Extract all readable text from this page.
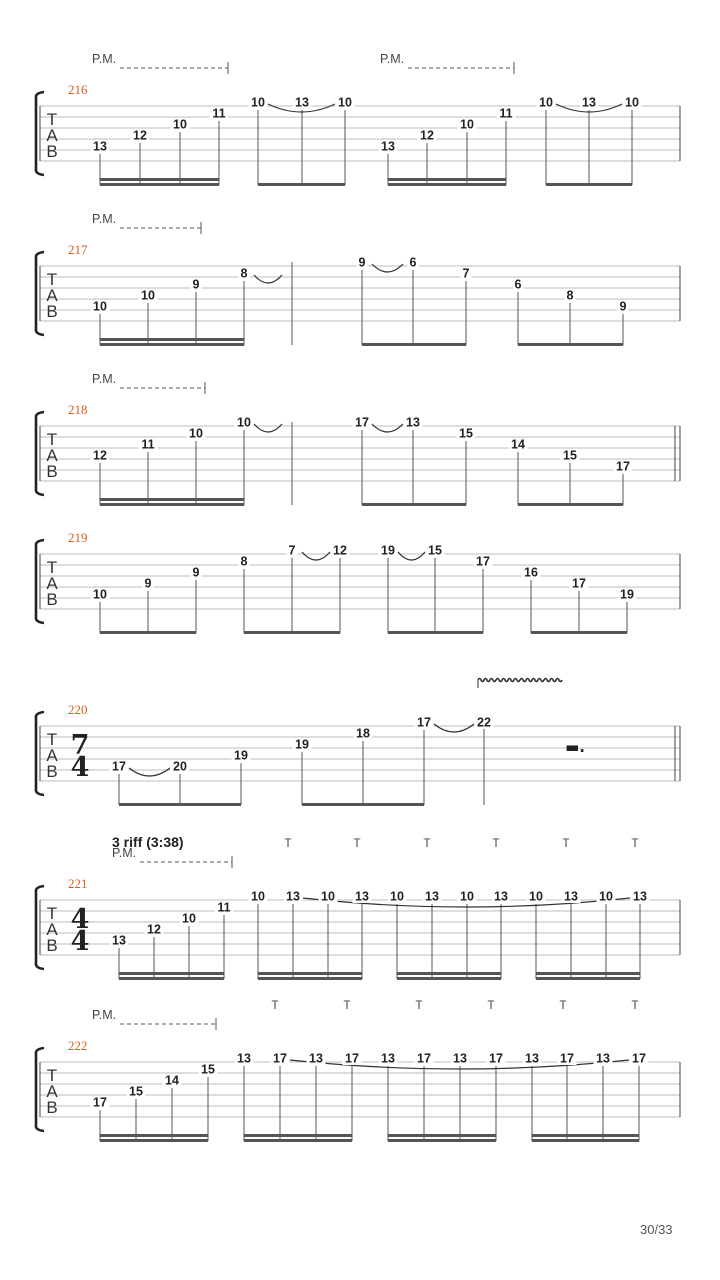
T
A
B
216
P.M.	P.M.
13
12
10
11
10 13 10
13
12
10
11
10 13 10
T
A
B
217
P.M.
10
10
9
8
9	6
7
6
8
9
T
A
B
218
P.M.
12
11
10
10	17	13
15
14
15
17
T
A
B
219
10
9
9
8
7	12	19	15
17
16
17
19
T
A
B
220
17	20
19
19
18
17	22
T
A
B
221
P.M.
13
12
10
11
10 13 10 13 10 13 10 13 10 13 10 13
T	T	T	T	T	T
T
A
B
222
P.M.
17
15
14
15
13 17 13 17 13 17 13 17 13 17 13 17
T	T	T	T	T	T
7
4
4
4
▬.
3 riff (3:38)
30/33
